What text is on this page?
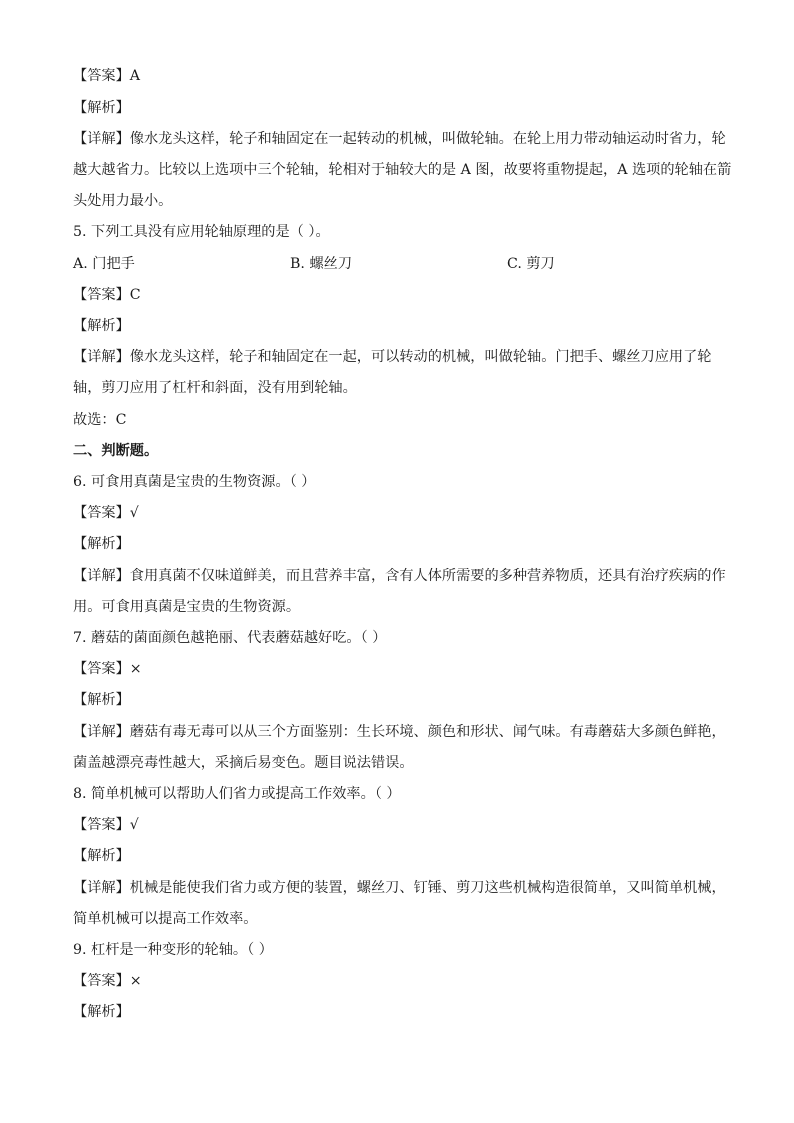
【答案】A
【解析】
【详解】像水龙头这样，轮子和轴固定在一起转动的机械，叫做轮轴。在轮上用力带动轴运动时省力，轮
越大越省力。比较以上选项中三个轮轴，轮相对于轴较大的是 A 图，故要将重物提起，A 选项的轮轴在箭
头处用力最小。
5. 下列工具没有应用轮轴原理的是（ ）。
A. 门把手	B. 螺丝刀	C. 剪刀
【答案】C
【解析】
【详解】像水龙头这样，轮子和轴固定在一起，可以转动的机械，叫做轮轴。门把手、螺丝刀应用了轮
轴，剪刀应用了杠杆和斜面，没有用到轮轴。
故选：C
二、判断题。
6. 可食用真菌是宝贵的生物资源。（ ）
【答案】√
【解析】
【详解】食用真菌不仅味道鲜美，而且营养丰富，含有人体所需要的多种营养物质，还具有治疗疾病的作
用。可食用真菌是宝贵的生物资源。
7. 蘑菇的菌面颜色越艳丽、代表蘑菇越好吃。（ ）
【答案】×
【解析】
【详解】蘑菇有毒无毒可以从三个方面鉴别：生长环境、颜色和形状、闻气味。有毒蘑菇大多颜色鲜艳，
菌盖越漂亮毒性越大，采摘后易变色。题目说法错误。
8. 简单机械可以帮助人们省力或提高工作效率。（ ）
【答案】√
【解析】
【详解】机械是能使我们省力或方便的装置，螺丝刀、钉锤、剪刀这些机械构造很简单，又叫简单机械，
简单机械可以提高工作效率。
9. 杠杆是一种变形的轮轴。（ ）
【答案】×
【解析】
